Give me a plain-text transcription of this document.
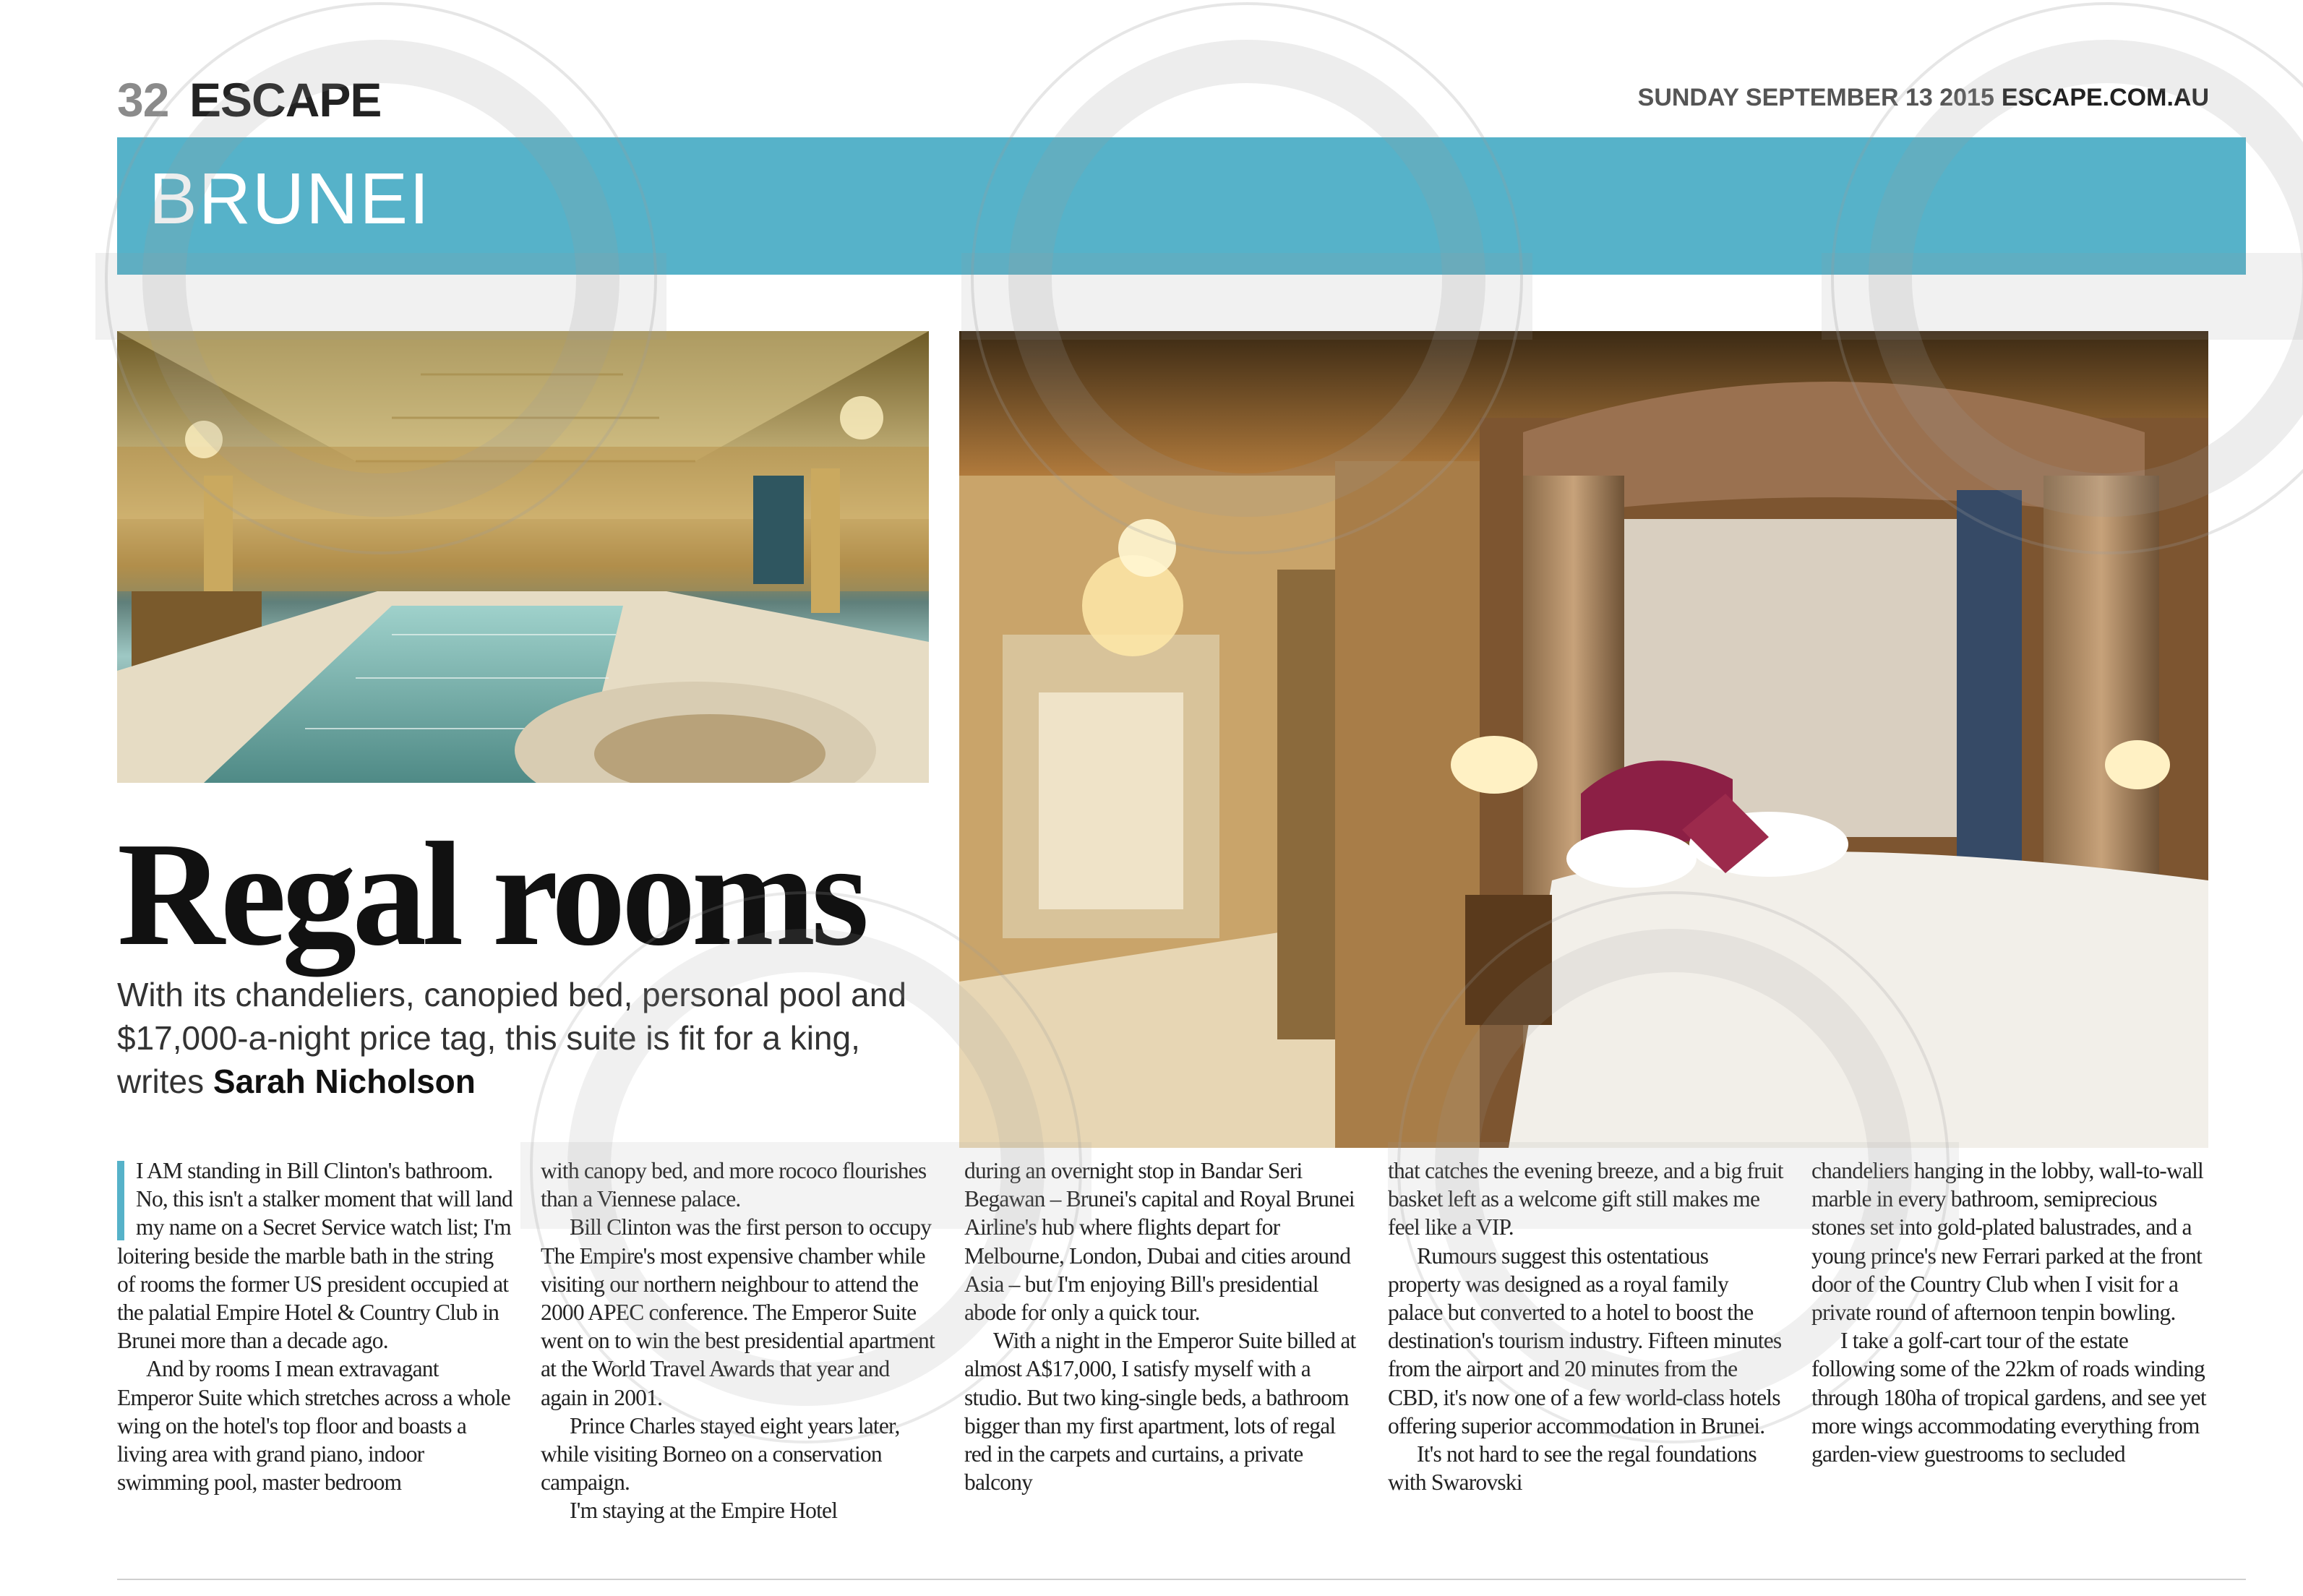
32 ESCAPE	SUNDAY SEPTEMBER 13 2015 ESCAPE.COM.AU
BRUNEI
Regal rooms
With its chandeliers, canopied bed, personal pool and $17,000-a-night price tag, this suite is fit for a king, writes Sarah Nicholson

I AM standing in Bill Clinton's bathroom. No, this isn't a stalker moment that will land my name on a Secret Service watch list; I'm loitering beside the marble bath in the string of rooms the former US president occupied at the palatial Empire Hotel & Country Club in Brunei more than a decade ago.

And by rooms I mean extravagant Emperor Suite which stretches across a whole wing on the hotel's top floor and boasts a living area with grand piano, indoor swimming pool, master bedroom

with canopy bed, and more rococo flourishes than a Viennese palace.

Bill Clinton was the first person to occupy The Empire's most expensive chamber while visiting our northern neighbour to attend the 2000 APEC conference. The Emperor Suite went on to win the best presidential apartment at the World Travel Awards that year and again in 2001.

Prince Charles stayed eight years later, while visiting Borneo on a conservation campaign.

I'm staying at the Empire Hotel

during an overnight stop in Bandar Seri Begawan – Brunei's capital and Royal Brunei Airline's hub where flights depart for Melbourne, London, Dubai and cities around Asia – but I'm enjoying Bill's presidential abode for only a quick tour.

With a night in the Emperor Suite billed at almost A$17,000, I satisfy myself with a studio. But two king-single beds, a bathroom bigger than my first apartment, lots of regal red in the carpets and curtains, a private balcony

that catches the evening breeze, and a big fruit basket left as a welcome gift still makes me feel like a VIP.

Rumours suggest this ostentatious property was designed as a royal family palace but converted to a hotel to boost the destination's tourism industry. Fifteen minutes from the airport and 20 minutes from the CBD, it's now one of a few world-class hotels offering superior accommodation in Brunei.

It's not hard to see the regal foundations with Swarovski

chandeliers hanging in the lobby, wall-to-wall marble in every bathroom, semiprecious stones set into gold-plated balustrades, and a young prince's new Ferrari parked at the front door of the Country Club when I visit for a private round of afternoon tenpin bowling.

I take a golf-cart tour of the estate following some of the 22km of roads winding through 180ha of tropical gardens, and see yet more wings accommodating everything from garden-view guestrooms to secluded
